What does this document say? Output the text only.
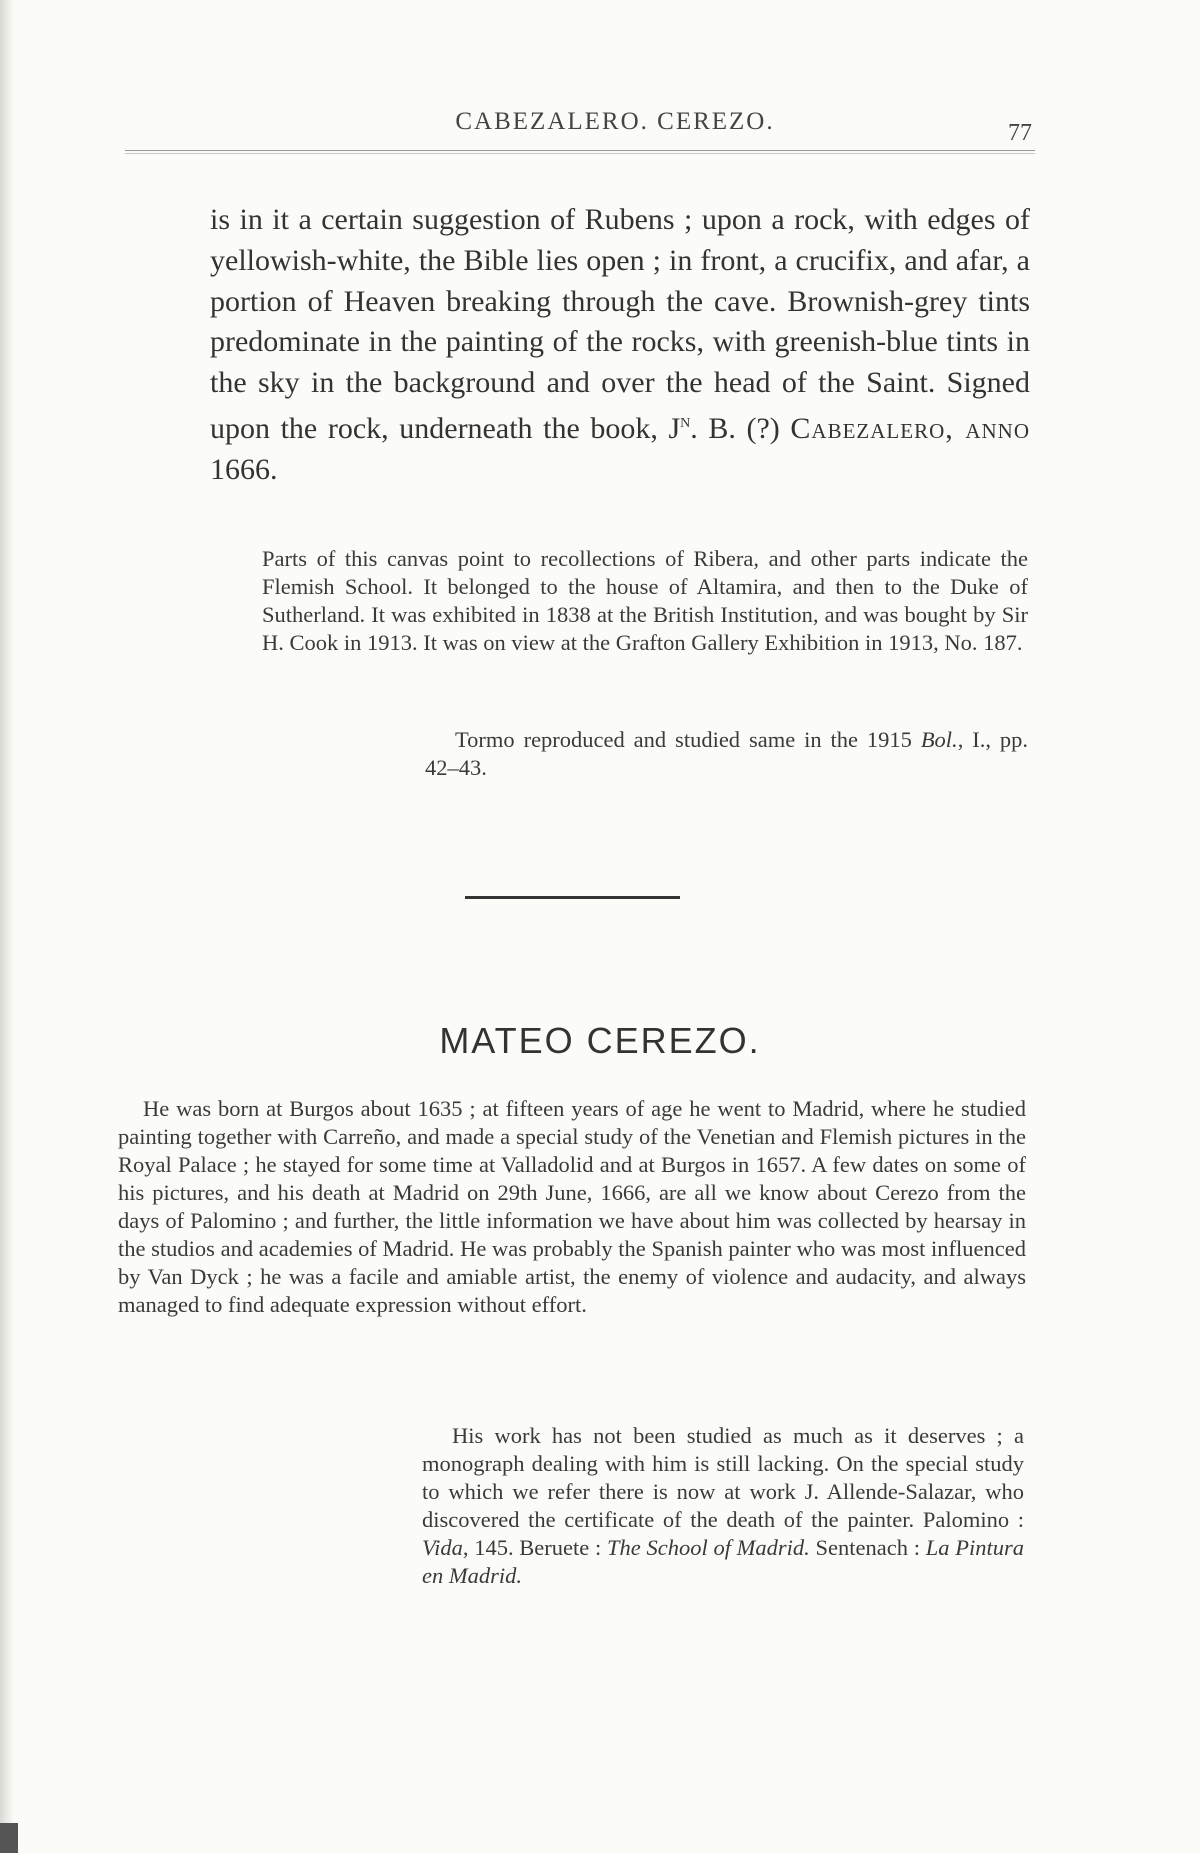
CABEZALERO. CEREZO.	77
is in it a certain suggestion of Rubens ; upon a rock, with edges of yellowish-white, the Bible lies open ; in front, a crucifix, and afar, a portion of Heaven breaking through the cave. Brownish-grey tints predominate in the painting of the rocks, with greenish-blue tints in the sky in the background and over the head of the Saint. Signed upon the rock, underneath the book, $J^N$. B. (?) Cabezalero, anno 1666.
Parts of this canvas point to recollections of Ribera, and other parts indicate the Flemish School. It belonged to the house of Altamira, and then to the Duke of Sutherland. It was exhibited in 1838 at the British Institution, and was bought by Sir H. Cook in 1913. It was on view at the Grafton Gallery Exhibition in 1913, No. 187.
Tormo reproduced and studied same in the 1915 Bol., I., pp. 42–43.
MATEO CEREZO.
He was born at Burgos about 1635 ; at fifteen years of age he went to Madrid, where he studied painting together with Carreño, and made a special study of the Venetian and Flemish pictures in the Royal Palace ; he stayed for some time at Valladolid and at Burgos in 1657. A few dates on some of his pictures, and his death at Madrid on 29th June, 1666, are all we know about Cerezo from the days of Palomino ; and further, the little information we have about him was collected by hearsay in the studios and academies of Madrid. He was probably the Spanish painter who was most influenced by Van Dyck ; he was a facile and amiable artist, the enemy of violence and audacity, and always managed to find adequate expression without effort.
His work has not been studied as much as it deserves ; a monograph dealing with him is still lacking. On the special study to which we refer there is now at work J. Allende-Salazar, who discovered the certificate of the death of the painter. Palomino : Vida, 145. Beruete : The School of Madrid. Sentenach : La Pintura en Madrid.
